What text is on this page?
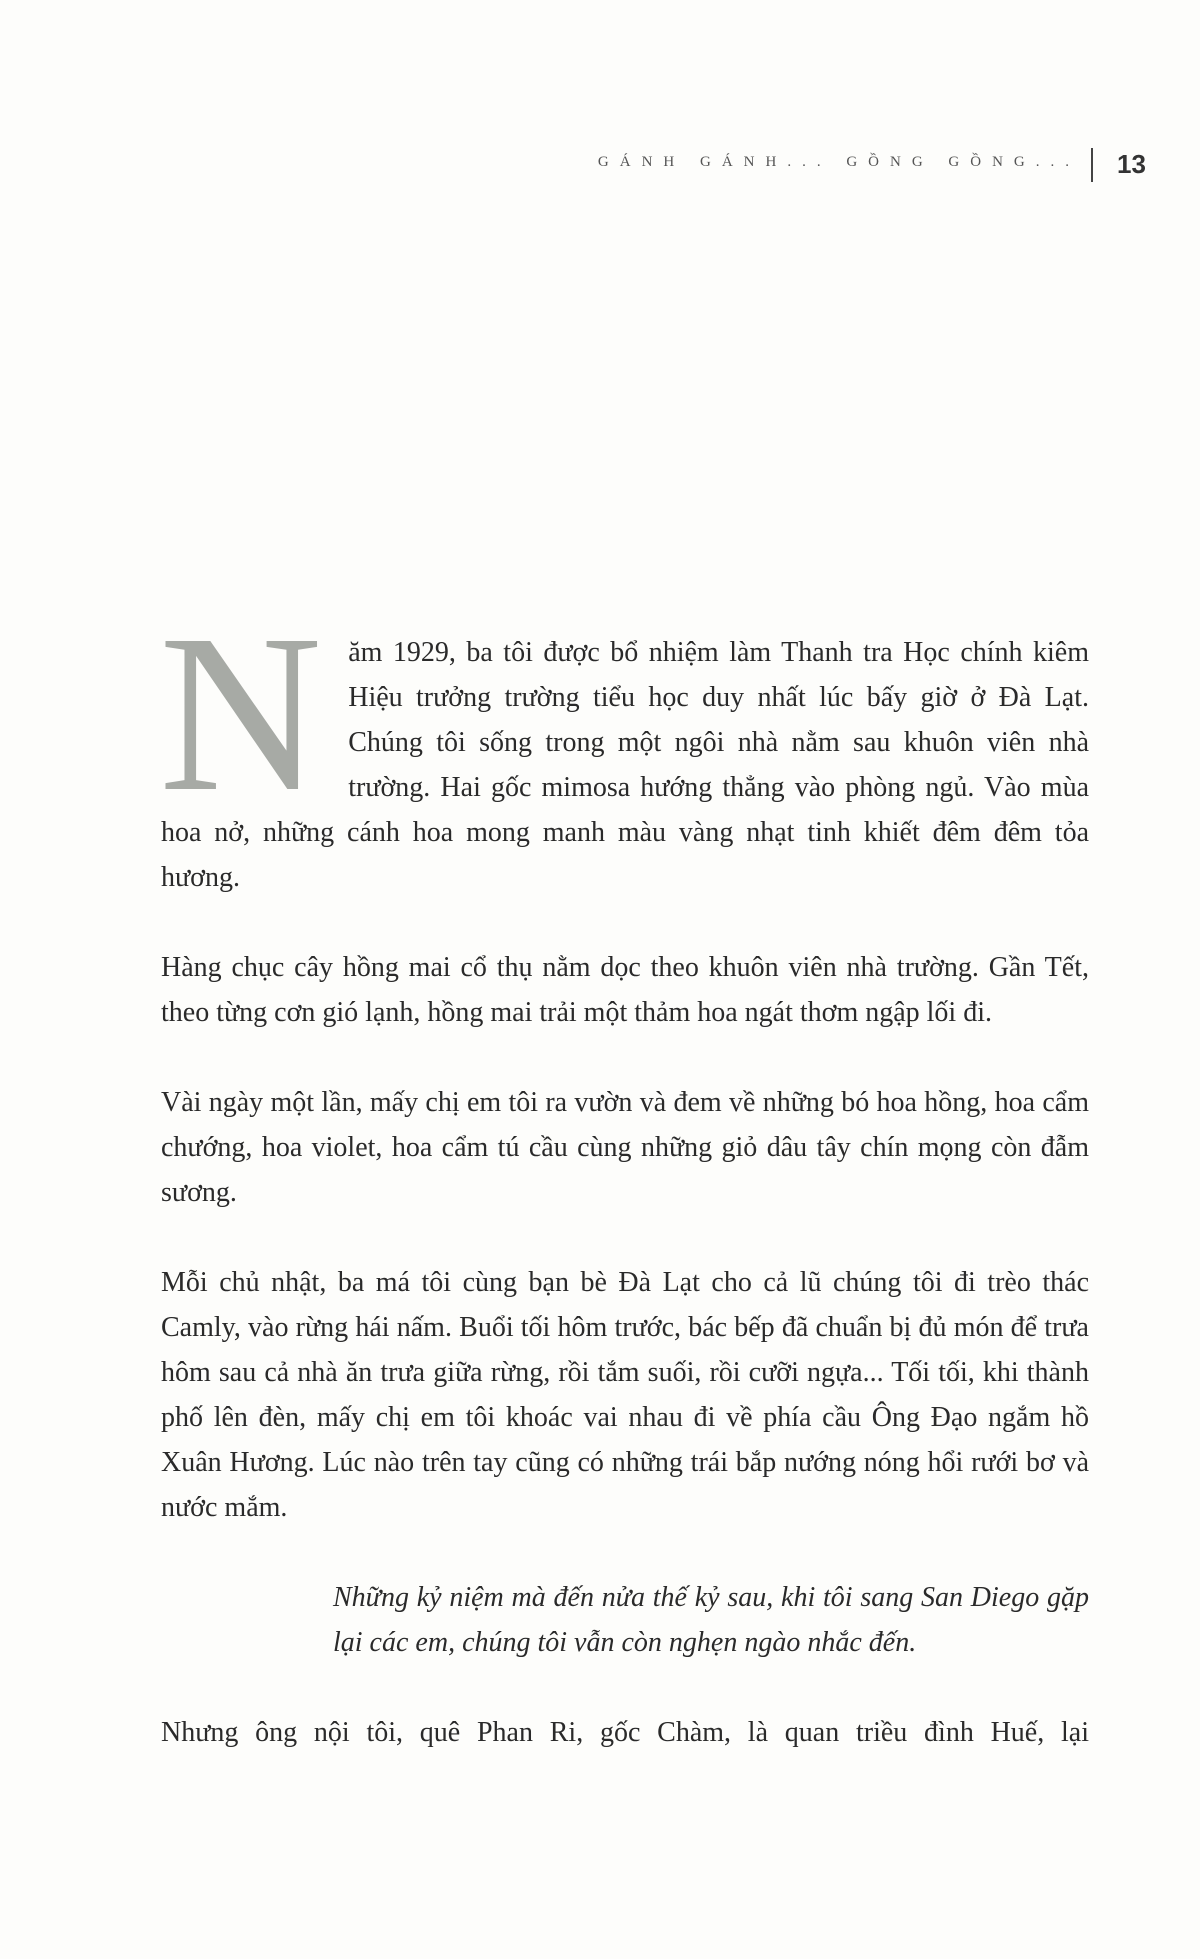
GÁNH GÁNH... GỒNG GỒNG... 13

Năm 1929, ba tôi được bổ nhiệm làm Thanh tra Học chính kiêm Hiệu trưởng trường tiểu học duy nhất lúc bấy giờ ở Đà Lạt. Chúng tôi sống trong một ngôi nhà nằm sau khuôn viên nhà trường. Hai gốc mimosa hướng thẳng vào phòng ngủ. Vào mùa hoa nở, những cánh hoa mong manh màu vàng nhạt tinh khiết đêm đêm tỏa hương.

Hàng chục cây hồng mai cổ thụ nằm dọc theo khuôn viên nhà trường. Gần Tết, theo từng cơn gió lạnh, hồng mai trải một thảm hoa ngát thơm ngập lối đi.

Vài ngày một lần, mấy chị em tôi ra vườn và đem về những bó hoa hồng, hoa cẩm chướng, hoa violet, hoa cẩm tú cầu cùng những giỏ dâu tây chín mọng còn đẫm sương.

Mỗi chủ nhật, ba má tôi cùng bạn bè Đà Lạt cho cả lũ chúng tôi đi trèo thác Camly, vào rừng hái nấm. Buổi tối hôm trước, bác bếp đã chuẩn bị đủ món để trưa hôm sau cả nhà ăn trưa giữa rừng, rồi tắm suối, rồi cưỡi ngựa... Tối tối, khi thành phố lên đèn, mấy chị em tôi khoác vai nhau đi về phía cầu Ông Đạo ngắm hồ Xuân Hương. Lúc nào trên tay cũng có những trái bắp nướng nóng hổi rưới bơ và nước mắm.

Những kỷ niệm mà đến nửa thế kỷ sau, khi tôi sang San Diego gặp lại các em, chúng tôi vẫn còn nghẹn ngào nhắc đến.

Nhưng ông nội tôi, quê Phan Ri, gốc Chàm, là quan triều đình Huế, lại
